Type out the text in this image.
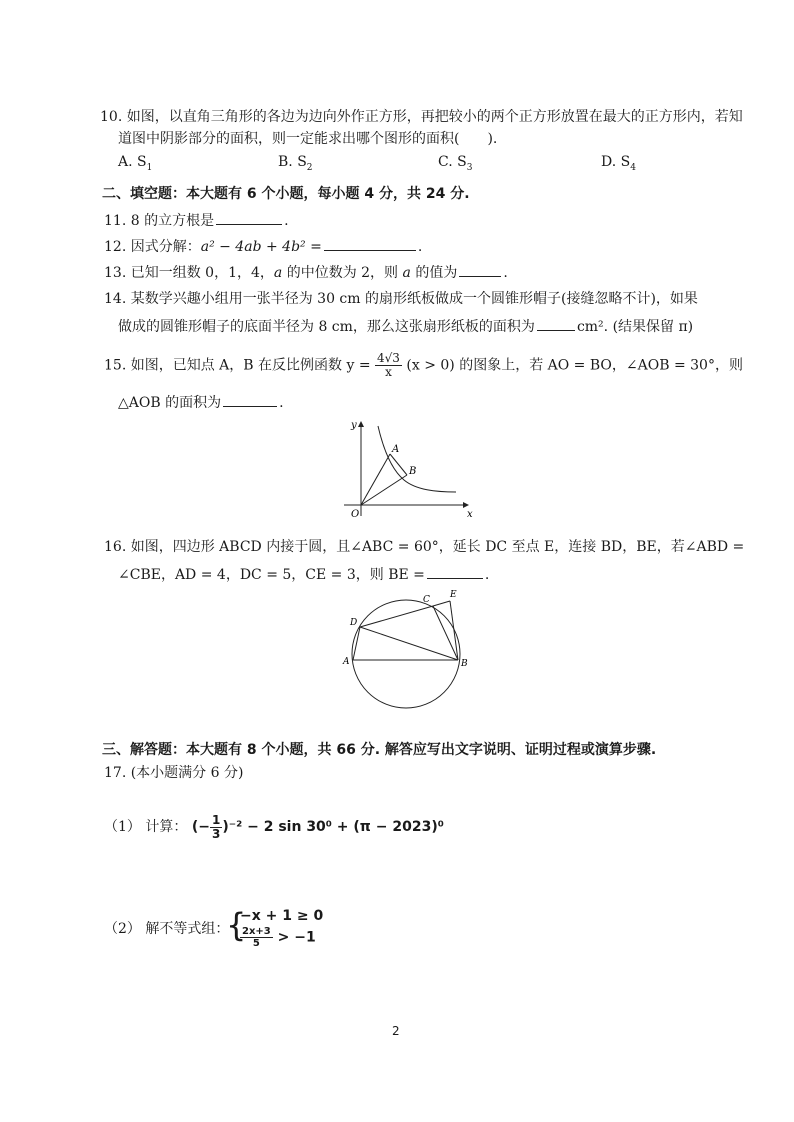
10. 如图，以直角三角形的各边为边向外作正方形，再把较小的两个正方形放置在最大的正方形内，若知
道图中阴影部分的面积，则一定能求出哪个图形的面积(　　).
A. $S_1$	B. $S_2$	C. $S_3$	D. $S_4$
二、填空题：本大题有 6 个小题，每小题 4 分，共 24 分.
11. 8 的立方根是	.
12. 因式分解：a² − 4ab + 4b² =	.
13. 已知一组数 0，1，4，a 的中位数为 2，则 a 的值为	.
14. 某数学兴趣小组用一张半径为 30 cm 的扇形纸板做成一个圆锥形帽子(接缝忽略不计)，如果
做成的圆锥形帽子的底面半径为 8 cm，那么这张扇形纸板的面积为	cm². (结果保留 π)
15. 如图，已知点 A，B 在反比例函数 $y = \frac{4√3}{x} (x > 0)$ 的图象上，若 AO = BO，∠AOB = 30°，则
△AOB 的面积为	.
y
x
O
A
B
16. 如图，四边形 ABCD 内接于圆，且∠ABC = 60°，延长 DC 至点 E，连接 BD，BE，若∠ABD =
∠CBE，AD = 4，DC = 5，CE = 3，则 BE =	.
A	B
C
D
E
三、解答题：本大题有 8 个小题，共 66 分. 解答应写出文字说明、证明过程或演算步骤.
17. (本小题满分 6 分)
（1） 计算： (− $\frac{1}{3} )^{-2} - 2$ sin 30⁰ + (π − 2023)⁰
（2） 解不等式组：
{
−x + 1 ≥ 0
$\frac{2x+3}{5} > -1$
2
